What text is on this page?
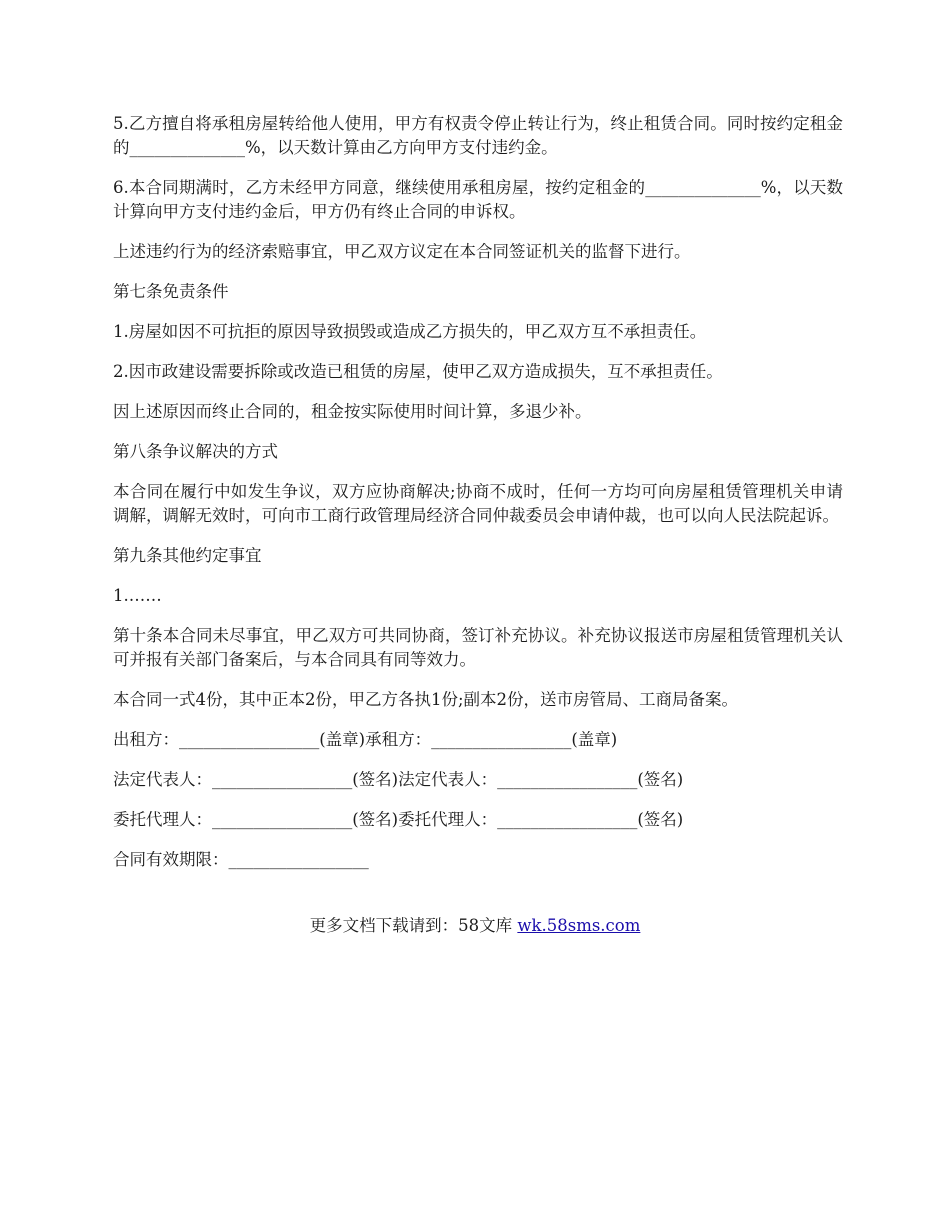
5.乙方擅自将承租房屋转给他人使用，甲方有权责令停止转让行为，终止租赁合同。同时按约定租金的______________%，以天数计算由乙方向甲方支付违约金。

6.本合同期满时，乙方未经甲方同意，继续使用承租房屋，按约定租金的______________%，以天数计算向甲方支付违约金后，甲方仍有终止合同的申诉权。

上述违约行为的经济索赔事宜，甲乙双方议定在本合同签证机关的监督下进行。

第七条免责条件

1.房屋如因不可抗拒的原因导致损毁或造成乙方损失的，甲乙双方互不承担责任。

2.因市政建设需要拆除或改造已租赁的房屋，使甲乙双方造成损失，互不承担责任。

因上述原因而终止合同的，租金按实际使用时间计算，多退少补。

第八条争议解决的方式

本合同在履行中如发生争议，双方应协商解决;协商不成时，任何一方均可向房屋租赁管理机关申请调解，调解无效时，可向市工商行政管理局经济合同仲裁委员会申请仲裁，也可以向人民法院起诉。

第九条其他约定事宜

1.……

第十条本合同未尽事宜，甲乙双方可共同协商，签订补充协议。补充协议报送市房屋租赁管理机关认可并报有关部门备案后，与本合同具有同等效力。

本合同一式4份，其中正本2份，甲乙方各执1份;副本2份，送市房管局、工商局备案。

出租方：_________________(盖章)承租方：_________________(盖章)

法定代表人：_________________(签名)法定代表人：_________________(签名)

委托代理人：_________________(签名)委托代理人：_________________(签名)

合同有效期限：_________________

更多文档下载请到：58文库 wk.58sms.com
